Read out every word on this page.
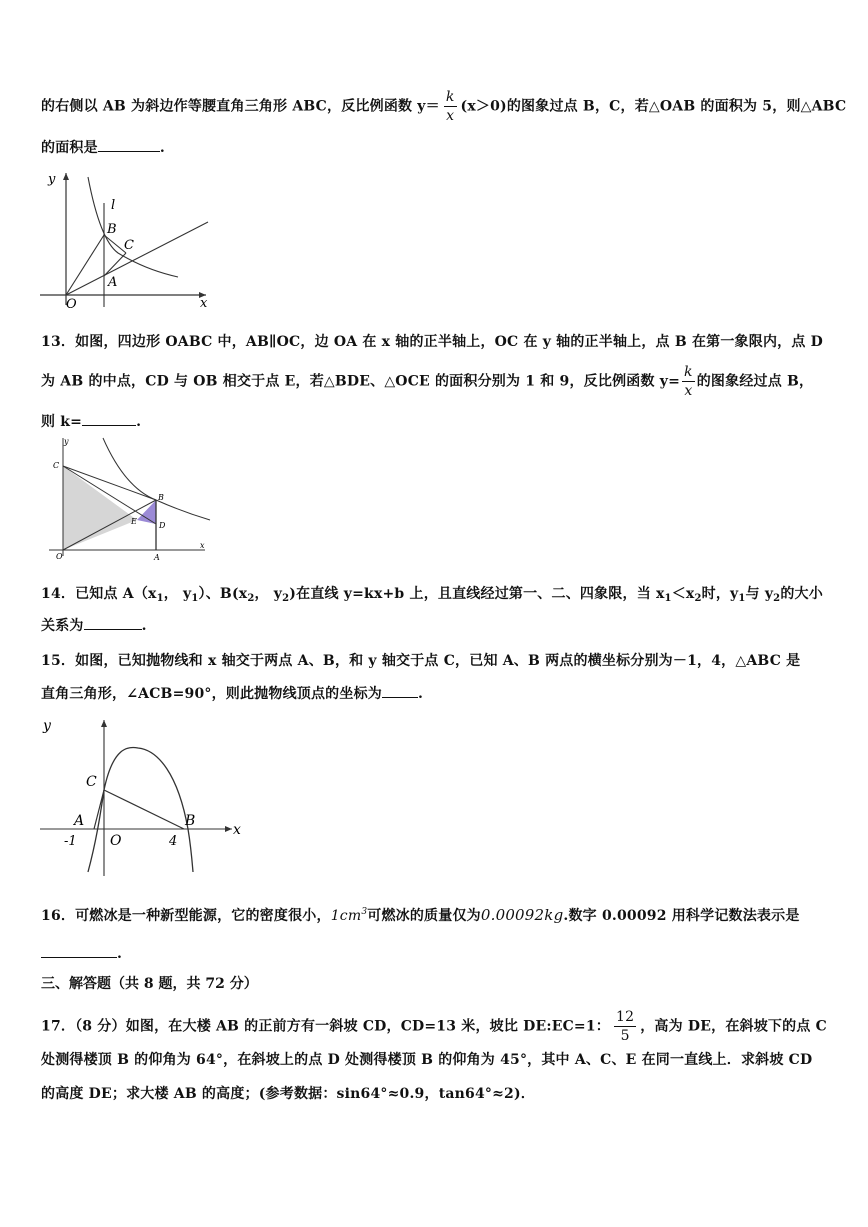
的右侧以 AB 为斜边作等腰直角三角形 ABC，反比例函数 $y= \frac{k}{x} (x>0)$的图象过点 B，C，若△OAB 的面积为 5，则△ABC
的面积是	.
y
l
B
C
A
O	x
13．如图，四边形 OABC 中，AB∥OC，边 OA 在 x 轴的正半轴上，OC 在 y 轴的正半轴上，点 B 在第一象限内，点 D
为 AB 的中点，CD 与 OB 相交于点 E，若△BDE、△OCE 的面积分别为 1 和 9，反比例函数 $y= \frac{k}{x}$ 的图象经过点 B，
则 k=	.
y
C
B
E	D
O	A
x
14．已知点 $A(x_1$， $y_1$）、$B(x_2$， $y_2$)在直线 y=kx+b 上，且直线经过第一、二、四象限，当 $x_1<x_2$时，$y_1$与 $y_2$的大小
关系为	.
15．如图，已知抛物线和 x 轴交于两点 A、B，和 y 轴交于点 C，已知 A、B 两点的横坐标分别为－1，4，△ABC 是
直角三角形，∠ACB=90°，则此抛物线顶点的坐标为	.
y
C
A	B
O
x
-1	4
16．可燃冰是一种新型能源，它的密度很小，$1cm^3$可燃冰的质量仅为0.00092kg.数字 0.00092 用科学记数法表示是
.
三、解答题（共 8 题，共 72 分）
17．（8 分）如图，在大楼 AB 的正前方有一斜坡 CD，CD=13 米，坡比 DE:EC=1： $\frac{12}{5}$ ，高为 DE，在斜坡下的点 C
处测得楼顶 B 的仰角为 64°，在斜坡上的点 D 处测得楼顶 B 的仰角为 45°，其中 A、C、E 在同一直线上．求斜坡 CD
的高度 DE；求大楼 AB 的高度；(参考数据：sin64°≈0.9，tan64°≈2)．
